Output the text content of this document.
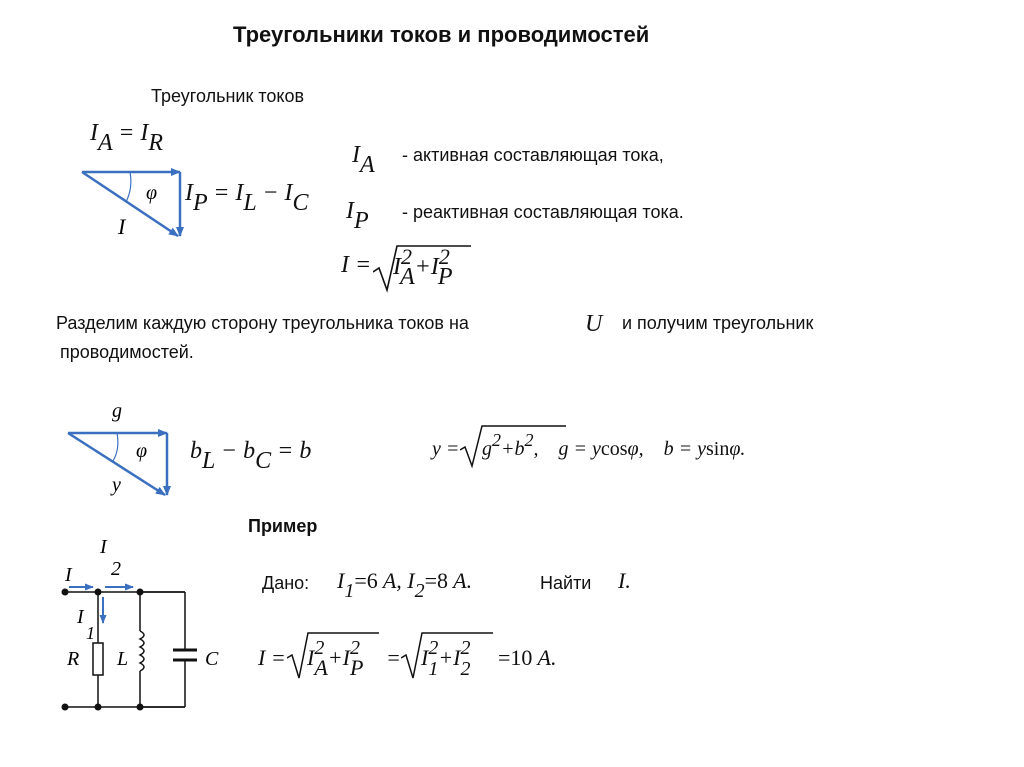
Треугольники токов и проводимостей
Треугольник токов
φ
I
IA = IR
IP = IL − IC
IA - активная составляющая тока,
IP - реактивная составляющая тока.
I = I2A+I2P
Разделим каждую сторону треугольника токов на	U и получим треугольник
проводимостей.
g
φ
y
bL − bC = b	y = g2+b2,    g = ycosφ,    b = ysinφ.
Пример
I
2
I
I
1
R L	C
Дано: I1=6 A, I2=8 A.	Найти I.
I = I2A+I2P = I21+I22 =10 A.
